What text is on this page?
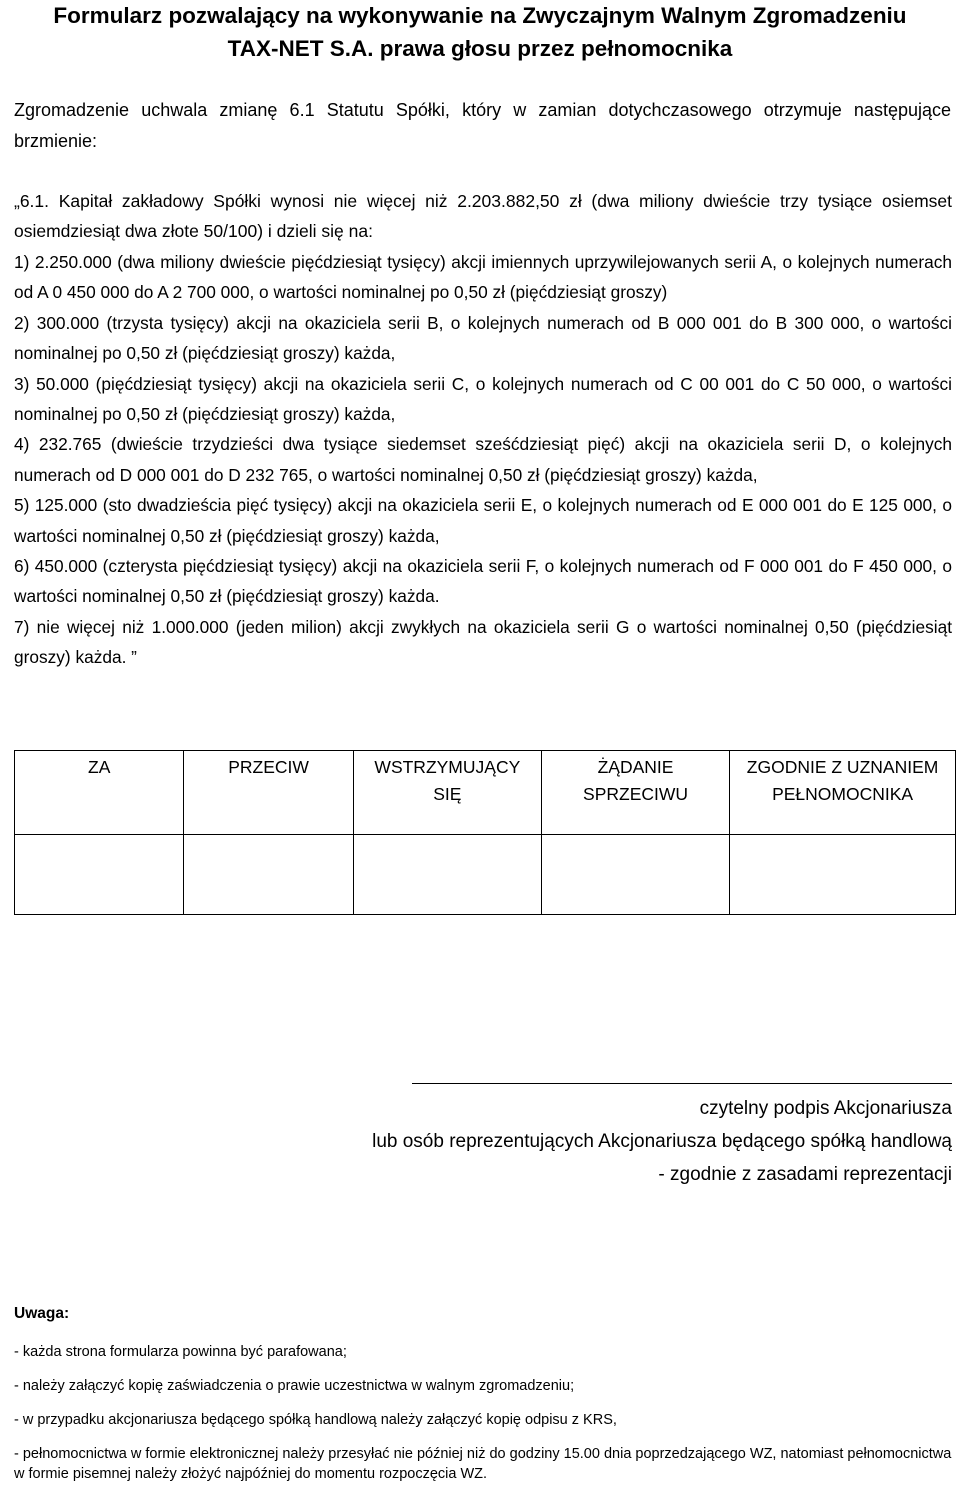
Formularz pozwalający na wykonywanie na Zwyczajnym Walnym Zgromadzeniu
TAX-NET S.A. prawa głosu przez pełnomocnika

Zgromadzenie uchwala zmianę 6.1 Statutu Spółki, który w zamian dotychczasowego otrzymuje następujące brzmienie:

„6.1. Kapitał zakładowy Spółki wynosi nie więcej niż 2.203.882,50 zł (dwa miliony dwieście trzy tysiące osiemset osiemdziesiąt dwa złote 50/100) i dzieli się na:

1) 2.250.000 (dwa miliony dwieście pięćdziesiąt tysięcy) akcji imiennych uprzywilejowanych serii A, o kolejnych numerach od A 0 450 000 do A 2 700 000, o wartości nominalnej po 0,50 zł (pięćdziesiąt groszy)
2) 300.000 (trzysta tysięcy) akcji na okaziciela serii B, o kolejnych numerach od B 000 001 do B 300 000, o wartości nominalnej po 0,50 zł (pięćdziesiąt groszy) każda,
3) 50.000 (pięćdziesiąt tysięcy) akcji na okaziciela serii C, o kolejnych numerach od C 00 001 do C 50 000, o wartości nominalnej po 0,50 zł (pięćdziesiąt groszy) każda,
4) 232.765 (dwieście trzydzieści dwa tysiące siedemset sześćdziesiąt pięć) akcji na okaziciela serii D, o kolejnych numerach od D 000 001 do D 232 765, o wartości nominalnej 0,50 zł (pięćdziesiąt groszy) każda,
5) 125.000 (sto dwadzieścia pięć tysięcy) akcji na okaziciela serii E, o kolejnych numerach od E 000 001 do E 125 000, o wartości nominalnej 0,50 zł (pięćdziesiąt groszy) każda,
6) 450.000 (czterysta pięćdziesiąt tysięcy) akcji na okaziciela serii F, o kolejnych numerach od F 000 001 do F 450 000, o wartości nominalnej 0,50 zł (pięćdziesiąt groszy) każda.
7) nie więcej niż 1.000.000 (jeden milion) akcji zwykłych na okaziciela serii G o wartości nominalnej 0,50 (pięćdziesiąt groszy) każda. ”
ZA	PRZECIW	WSTRZYMUJĄCY SIĘ	ŻĄDANIE SPRZECIWU	ZGODNIE Z UZNANIEM PEŁNOMOCNIKA

czytelny podpis Akcjonariusza

lub osób reprezentujących Akcjonariusza będącego spółką handlową

- zgodnie z zasadami reprezentacji

Uwaga:

- każda strona formularza powinna być parafowana;
- należy załączyć kopię zaświadczenia o prawie uczestnictwa w walnym zgromadzeniu;
- w przypadku akcjonariusza będącego spółką handlową należy załączyć kopię odpisu z KRS,
- pełnomocnictwa w formie elektronicznej należy przesyłać nie później niż do godziny 15.00 dnia poprzedzającego WZ, natomiast pełnomocnictwa w formie pisemnej należy złożyć najpóźniej do momentu rozpoczęcia WZ.
